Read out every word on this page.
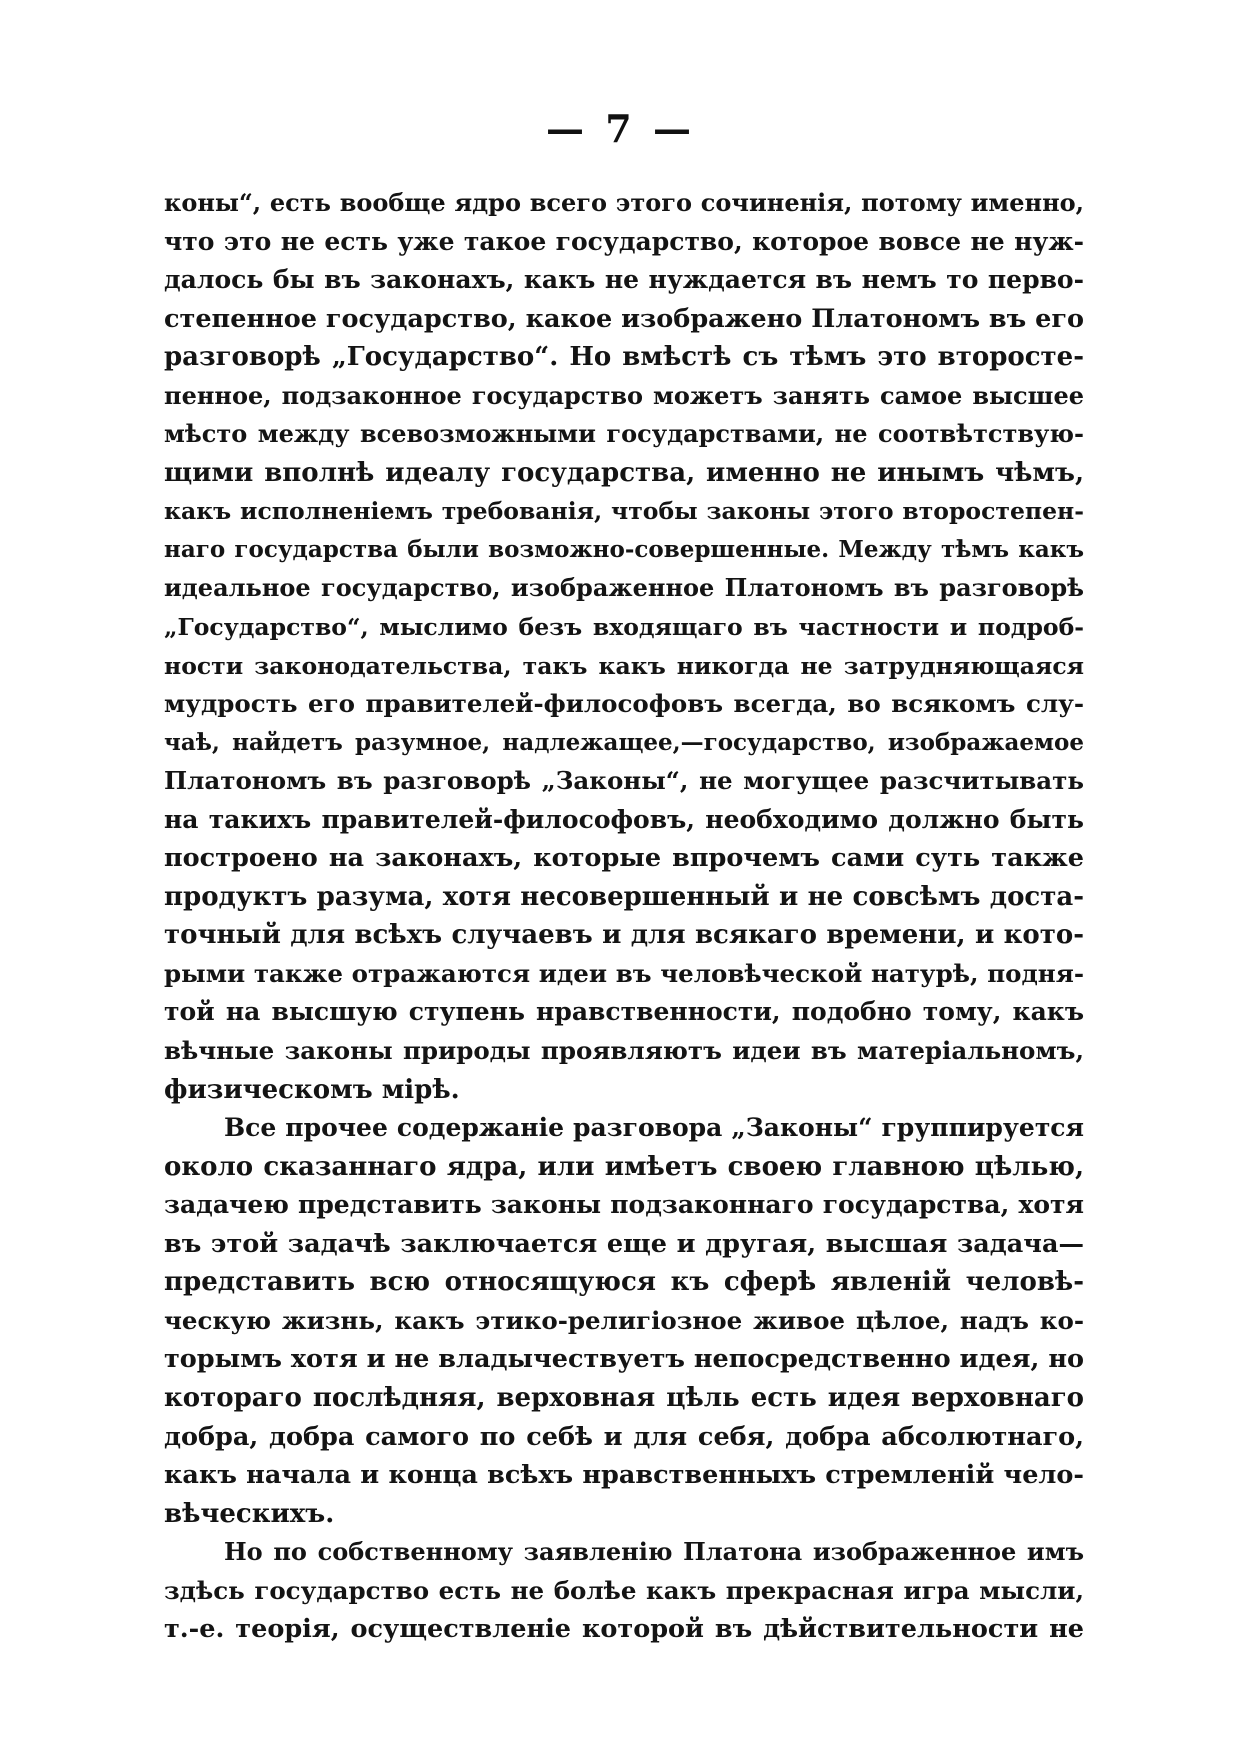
— 7 —
коны“, есть вообще ядро всего этого сочиненія, потому именно,
что это не есть уже такое государство, которое вовсе не нуж-
далось бы въ законахъ, какъ не нуждается въ немъ то перво-
степенное государство, какое изображено Платономъ въ его
разговорѣ „Государство“. Но вмѣстѣ съ тѣмъ это второсте-
пенное, подзаконное государство можетъ занять самое высшее
мѣсто между всевозможными государствами, не соотвѣтствую-
щими вполнѣ идеалу государства, именно не инымъ чѣмъ,
какъ исполненіемъ требованія, чтобы законы этого второстепен-
наго государства были возможно-совершенные. Между тѣмъ какъ
идеальное государство, изображенное Платономъ въ разговорѣ
„Государство“, мыслимо безъ входящаго въ частности и подроб-
ности законодательства, такъ какъ никогда не затрудняющаяся
мудрость его правителей-философовъ всегда, во всякомъ слу-
чаѣ, найдетъ разумное, надлежащее,—государство, изображаемое
Платономъ въ разговорѣ „Законы“, не могущее разсчитывать
на такихъ правителей-философовъ, необходимо должно быть
построено на законахъ, которые впрочемъ сами суть также
продуктъ разума, хотя несовершенный и не совсѣмъ доста-
точный для всѣхъ случаевъ и для всякаго времени, и кото-
рыми также отражаются идеи въ человѣческой натурѣ, подня-
той на высшую ступень нравственности, подобно тому, какъ
вѣчные законы природы проявляютъ идеи въ матеріальномъ,
физическомъ мірѣ.
Все прочее содержаніе разговора „Законы“ группируется
около сказаннаго ядра, или имѣетъ своею главною цѣлью,
задачею представить законы подзаконнаго государства, хотя
въ этой задачѣ заключается еще и другая, высшая задача—
представить всю относящуюся къ сферѣ явленій человѣ-
ческую жизнь, какъ этико-религіозное живое цѣлое, надъ ко-
торымъ хотя и не владычествуетъ непосредственно идея, но
котораго послѣдняя, верховная цѣль есть идея верховнаго
добра, добра самого по себѣ и для себя, добра абсолютнаго,
какъ начала и конца всѣхъ нравственныхъ стремленій чело-
вѣческихъ.
Но по собственному заявленію Платона изображенное имъ
здѣсь государство есть не болѣе какъ прекрасная игра мысли,
т.-е. теорія, осуществленіе которой въ дѣйствительности не
